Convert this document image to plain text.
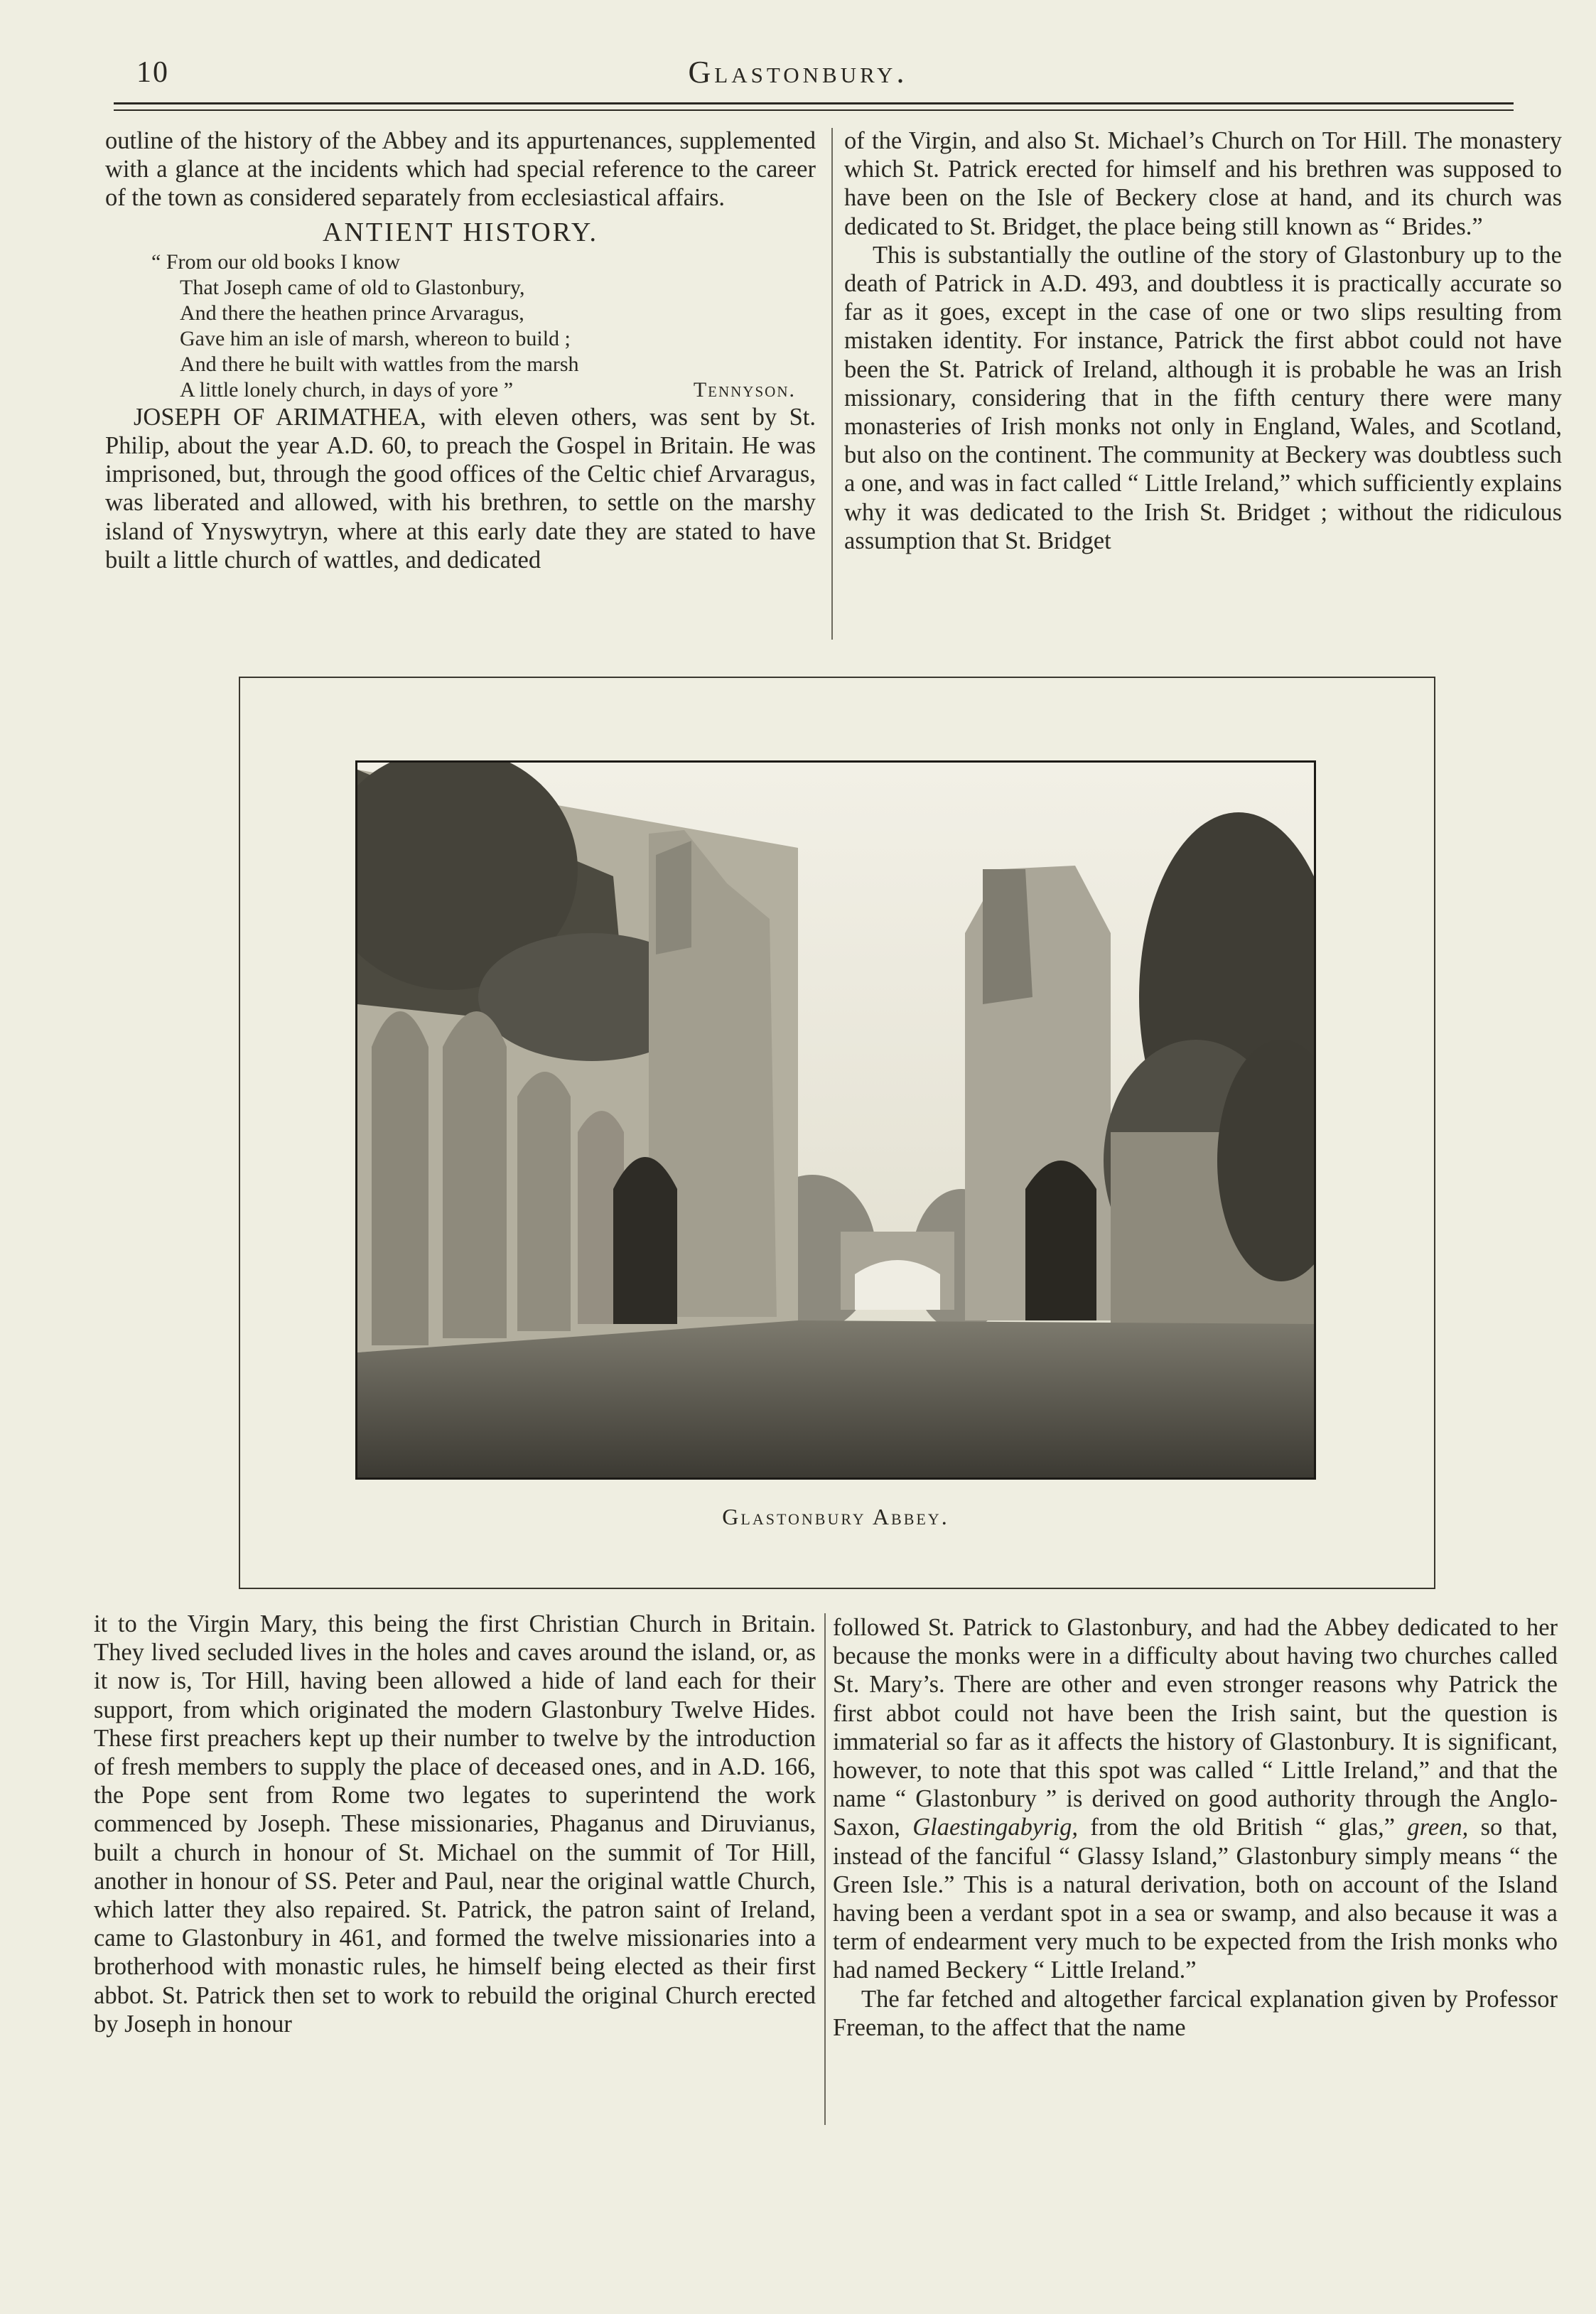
10	Glastonbury.

outline of the history of the Abbey and its appurtenances, supplemented with a glance at the incidents which had special reference to the career of the town as considered separately from ecclesiastical affairs.

ANTIENT HISTORY.
“ From our old books I know
That Joseph came of old to Glastonbury,
And there the heathen prince Arvaragus,
Gave him an isle of marsh, whereon to build ;
And there he built with wattles from the marsh
A little lonely church, in days of yore ”	Tennyson.

JOSEPH OF ARIMATHEA, with eleven others, was sent by St. Philip, about the year A.D. 60, to preach the Gospel in Britain. He was imprisoned, but, through the good offices of the Celtic chief Arvaragus, was liberated and allowed, with his brethren, to settle on the marshy island of Ynyswytryn, where at this early date they are stated to have built a little church of wattles, and dedicated

of the Virgin, and also St. Michael’s Church on Tor Hill. The monastery which St. Patrick erected for himself and his brethren was supposed to have been on the Isle of Beckery close at hand, and its church was dedicated to St. Bridget, the place being still known as “ Brides.”

This is substantially the outline of the story of Glastonbury up to the death of Patrick in A.D. 493, and doubtless it is practically accurate so far as it goes, except in the case of one or two slips resulting from mistaken identity. For instance, Patrick the first abbot could not have been the St. Patrick of Ireland, although it is probable he was an Irish missionary, considering that in the fifth century there were many monasteries of Irish monks not only in England, Wales, and Scotland, but also on the continent. The community at Beckery was doubtless such a one, and was in fact called “ Little Ireland,” which sufficiently explains why it was dedicated to the Irish St. Bridget ; without the ridiculous assumption that St. Bridget

Glastonbury Abbey.

it to the Virgin Mary, this being the first Christian Church in Britain. They lived secluded lives in the holes and caves around the island, or, as it now is, Tor Hill, having been allowed a hide of land each for their support, from which originated the modern Glastonbury Twelve Hides. These first preachers kept up their number to twelve by the introduction of fresh members to supply the place of deceased ones, and in A.D. 166, the Pope sent from Rome two legates to superintend the work commenced by Joseph. These missionaries, Phaganus and Diruvianus, built a church in honour of St. Michael on the summit of Tor Hill, another in honour of SS. Peter and Paul, near the original wattle Church, which latter they also repaired. St. Patrick, the patron saint of Ireland, came to Glastonbury in 461, and formed the twelve missionaries into a brotherhood with monastic rules, he himself being elected as their first abbot. St. Patrick then set to work to rebuild the original Church erected by Joseph in honour

followed St. Patrick to Glastonbury, and had the Abbey dedicated to her because the monks were in a difficulty about having two churches called St. Mary’s. There are other and even stronger reasons why Patrick the first abbot could not have been the Irish saint, but the question is immaterial so far as it affects the history of Glastonbury. It is significant, however, to note that this spot was called “ Little Ireland,” and that the name “ Glastonbury ” is derived on good authority through the Anglo-Saxon, Glaestingabyrig, from the old British “ glas,” green, so that, instead of the fanciful “ Glassy Island,” Glastonbury simply means “ the Green Isle.” This is a natural derivation, both on account of the Island having been a verdant spot in a sea or swamp, and also because it was a term of endearment very much to be expected from the Irish monks who had named Beckery “ Little Ireland.”

The far fetched and altogether farcical explanation given by Professor Freeman, to the affect that the name
